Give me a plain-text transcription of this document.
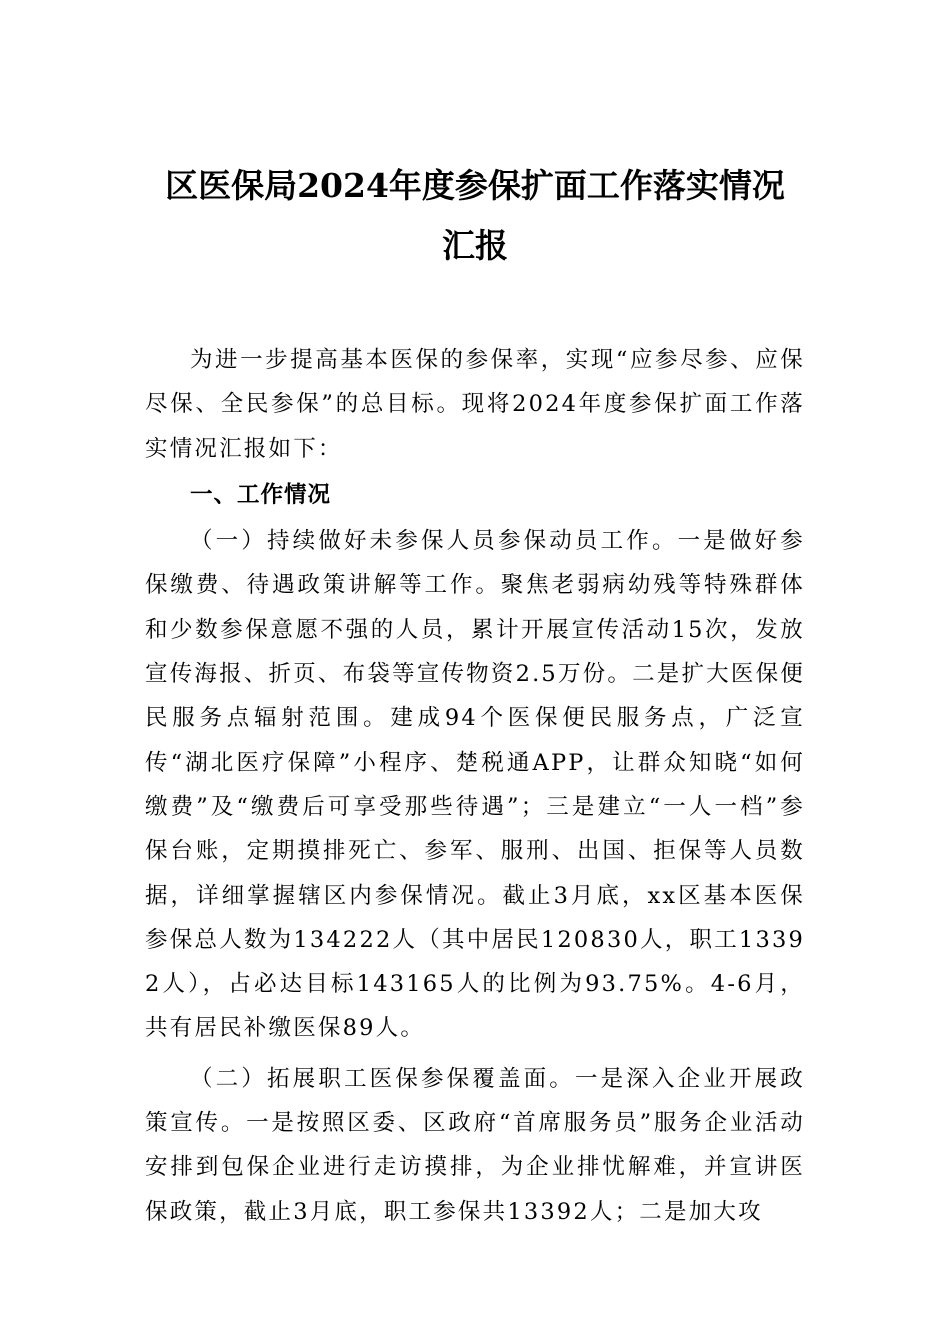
区医保局2024年度参保扩面工作落实情况
汇报

为进一步提高基本医保的参保率，实现“应参尽参、应保尽保、全民参保”的总目标。现将2024年度参保扩面工作落实情况汇报如下：

一、工作情况

（一）持续做好未参保人员参保动员工作。一是做好参保缴费、待遇政策讲解等工作。聚焦老弱病幼残等特殊群体和少数参保意愿不强的人员，累计开展宣传活动15次，发放宣传海报、折页、布袋等宣传物资2.5万份。二是扩大医保便民服务点辐射范围。建成94个医保便民服务点，广泛宣传“湖北医疗保障”小程序、楚税通APP，让群众知晓“如何缴费”及“缴费后可享受那些待遇”；三是建立“一人一档”参保台账，定期摸排死亡、参军、服刑、出国、拒保等人员数据，详细掌握辖区内参保情况。截止3月底，xx区基本医保参保总人数为134222人（其中居民120830人，职工13392人），占必达目标143165人的比例为93.75%。4-6月，共有居民补缴医保89人。

（二）拓展职工医保参保覆盖面。一是深入企业开展政策宣传。一是按照区委、区政府“首席服务员”服务企业活动安排到包保企业进行走访摸排，为企业排忧解难，并宣讲医保政策，截止3月底，职工参保共13392人；二是加大攻
